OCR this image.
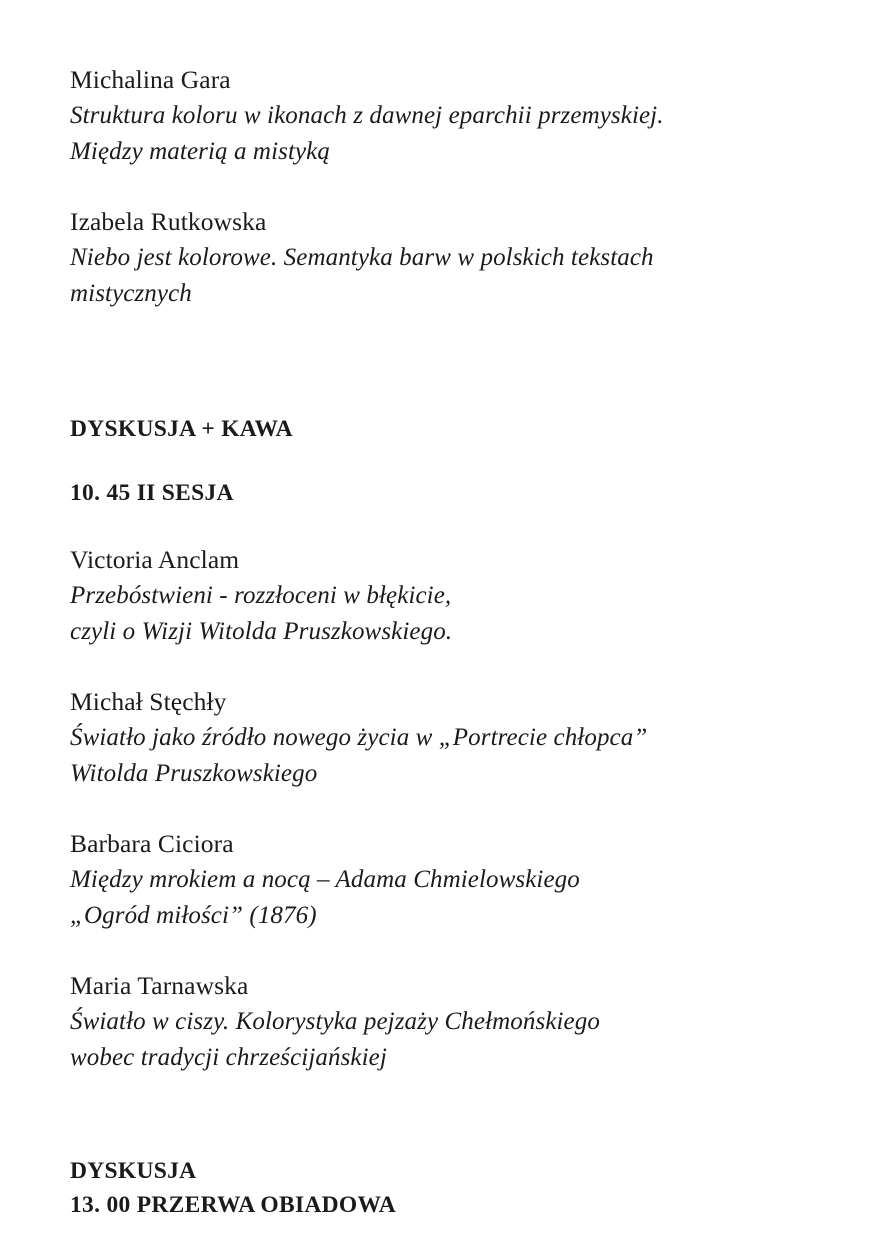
Michalina Gara
Struktura koloru w ikonach z dawnej eparchii przemyskiej.
Między materią a mistyką
Izabela Rutkowska
Niebo jest kolorowe. Semantyka barw w polskich tekstach
mistycznych
DYSKUSJA + KAWA
10. 45 II SESJA
Victoria Anclam
Przebóstwieni - rozzłoceni w błękicie,
czyli o Wizji Witolda Pruszkowskiego.
Michał Stęchły
Światło jako źródło nowego życia w „Portrecie chłopca”
Witolda Pruszkowskiego
Barbara Ciciora
Między mrokiem a nocą – Adama Chmielowskiego
„Ogród miłości” (1876)
Maria Tarnawska
Światło w ciszy. Kolorystyka pejzaży Chełmońskiego
wobec tradycji chrześcijańskiej
DYSKUSJA
13. 00 PRZERWA OBIADOWA
